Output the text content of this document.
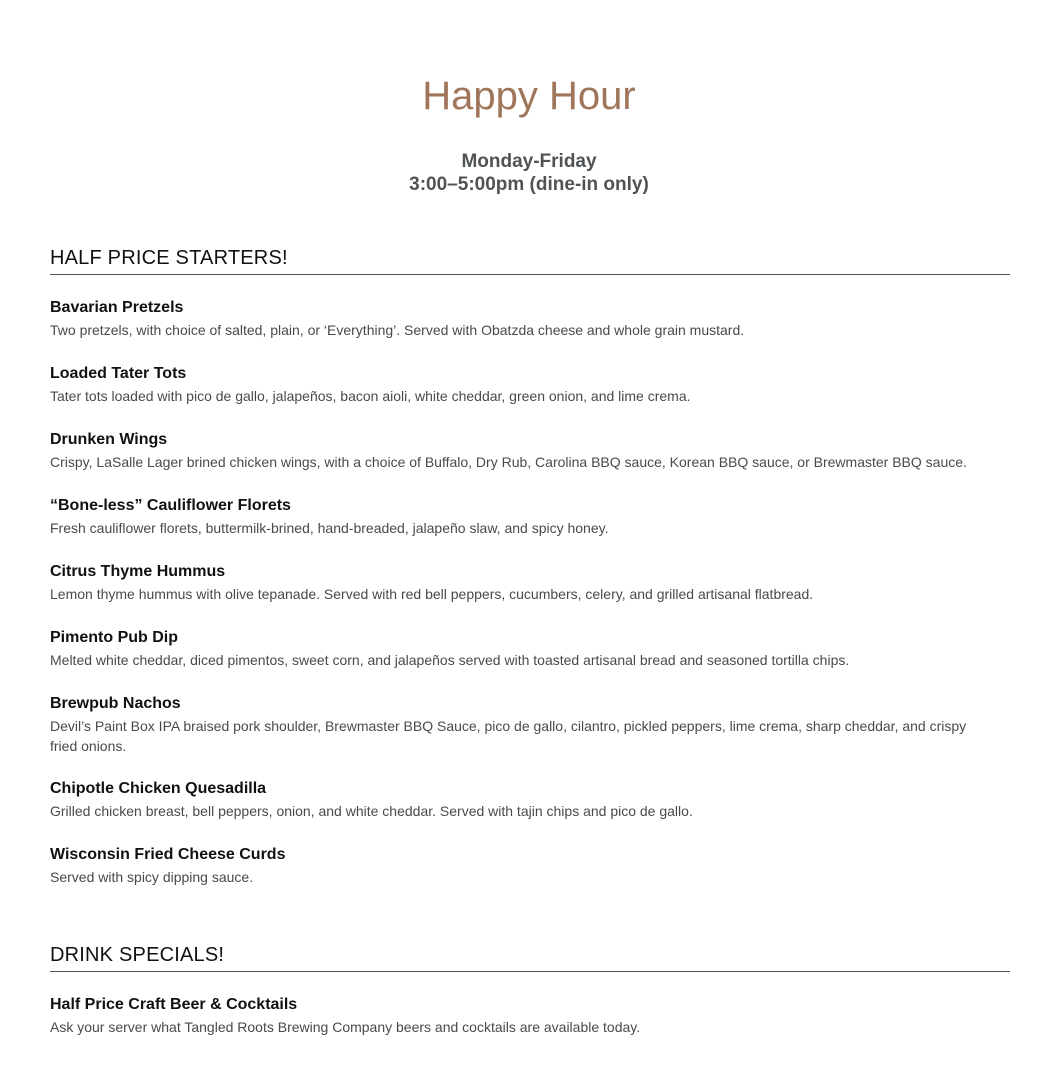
Happy Hour
Monday-Friday
3:00–5:00pm (dine-in only)
HALF PRICE STARTERS!
Bavarian Pretzels
Two pretzels, with choice of salted, plain, or ‘Everything’. Served with Obatzda cheese and whole grain mustard.
Loaded Tater Tots
Tater tots loaded with pico de gallo, jalapeños, bacon aioli, white cheddar, green onion, and lime crema.
Drunken Wings
Crispy, LaSalle Lager brined chicken wings, with a choice of Buffalo, Dry Rub, Carolina BBQ sauce, Korean BBQ sauce, or Brewmaster BBQ sauce.
“Bone-less” Cauliflower Florets
Fresh cauliflower florets, buttermilk-brined, hand-breaded, jalapeño slaw, and spicy honey.
Citrus Thyme Hummus
Lemon thyme hummus with olive tepanade. Served with red bell peppers, cucumbers, celery, and grilled artisanal flatbread.
Pimento Pub Dip
Melted white cheddar, diced pimentos, sweet corn, and jalapeños served with toasted artisanal bread and seasoned tortilla chips.
Brewpub Nachos
Devil’s Paint Box IPA braised pork shoulder, Brewmaster BBQ Sauce, pico de gallo, cilantro, pickled peppers, lime crema, sharp cheddar, and crispy fried onions.
Chipotle Chicken Quesadilla
Grilled chicken breast, bell peppers, onion, and white cheddar. Served with tajin chips and pico de gallo.
Wisconsin Fried Cheese Curds
Served with spicy dipping sauce.
DRINK SPECIALS!
Half Price Craft Beer & Cocktails
Ask your server what Tangled Roots Brewing Company beers and cocktails are available today.
